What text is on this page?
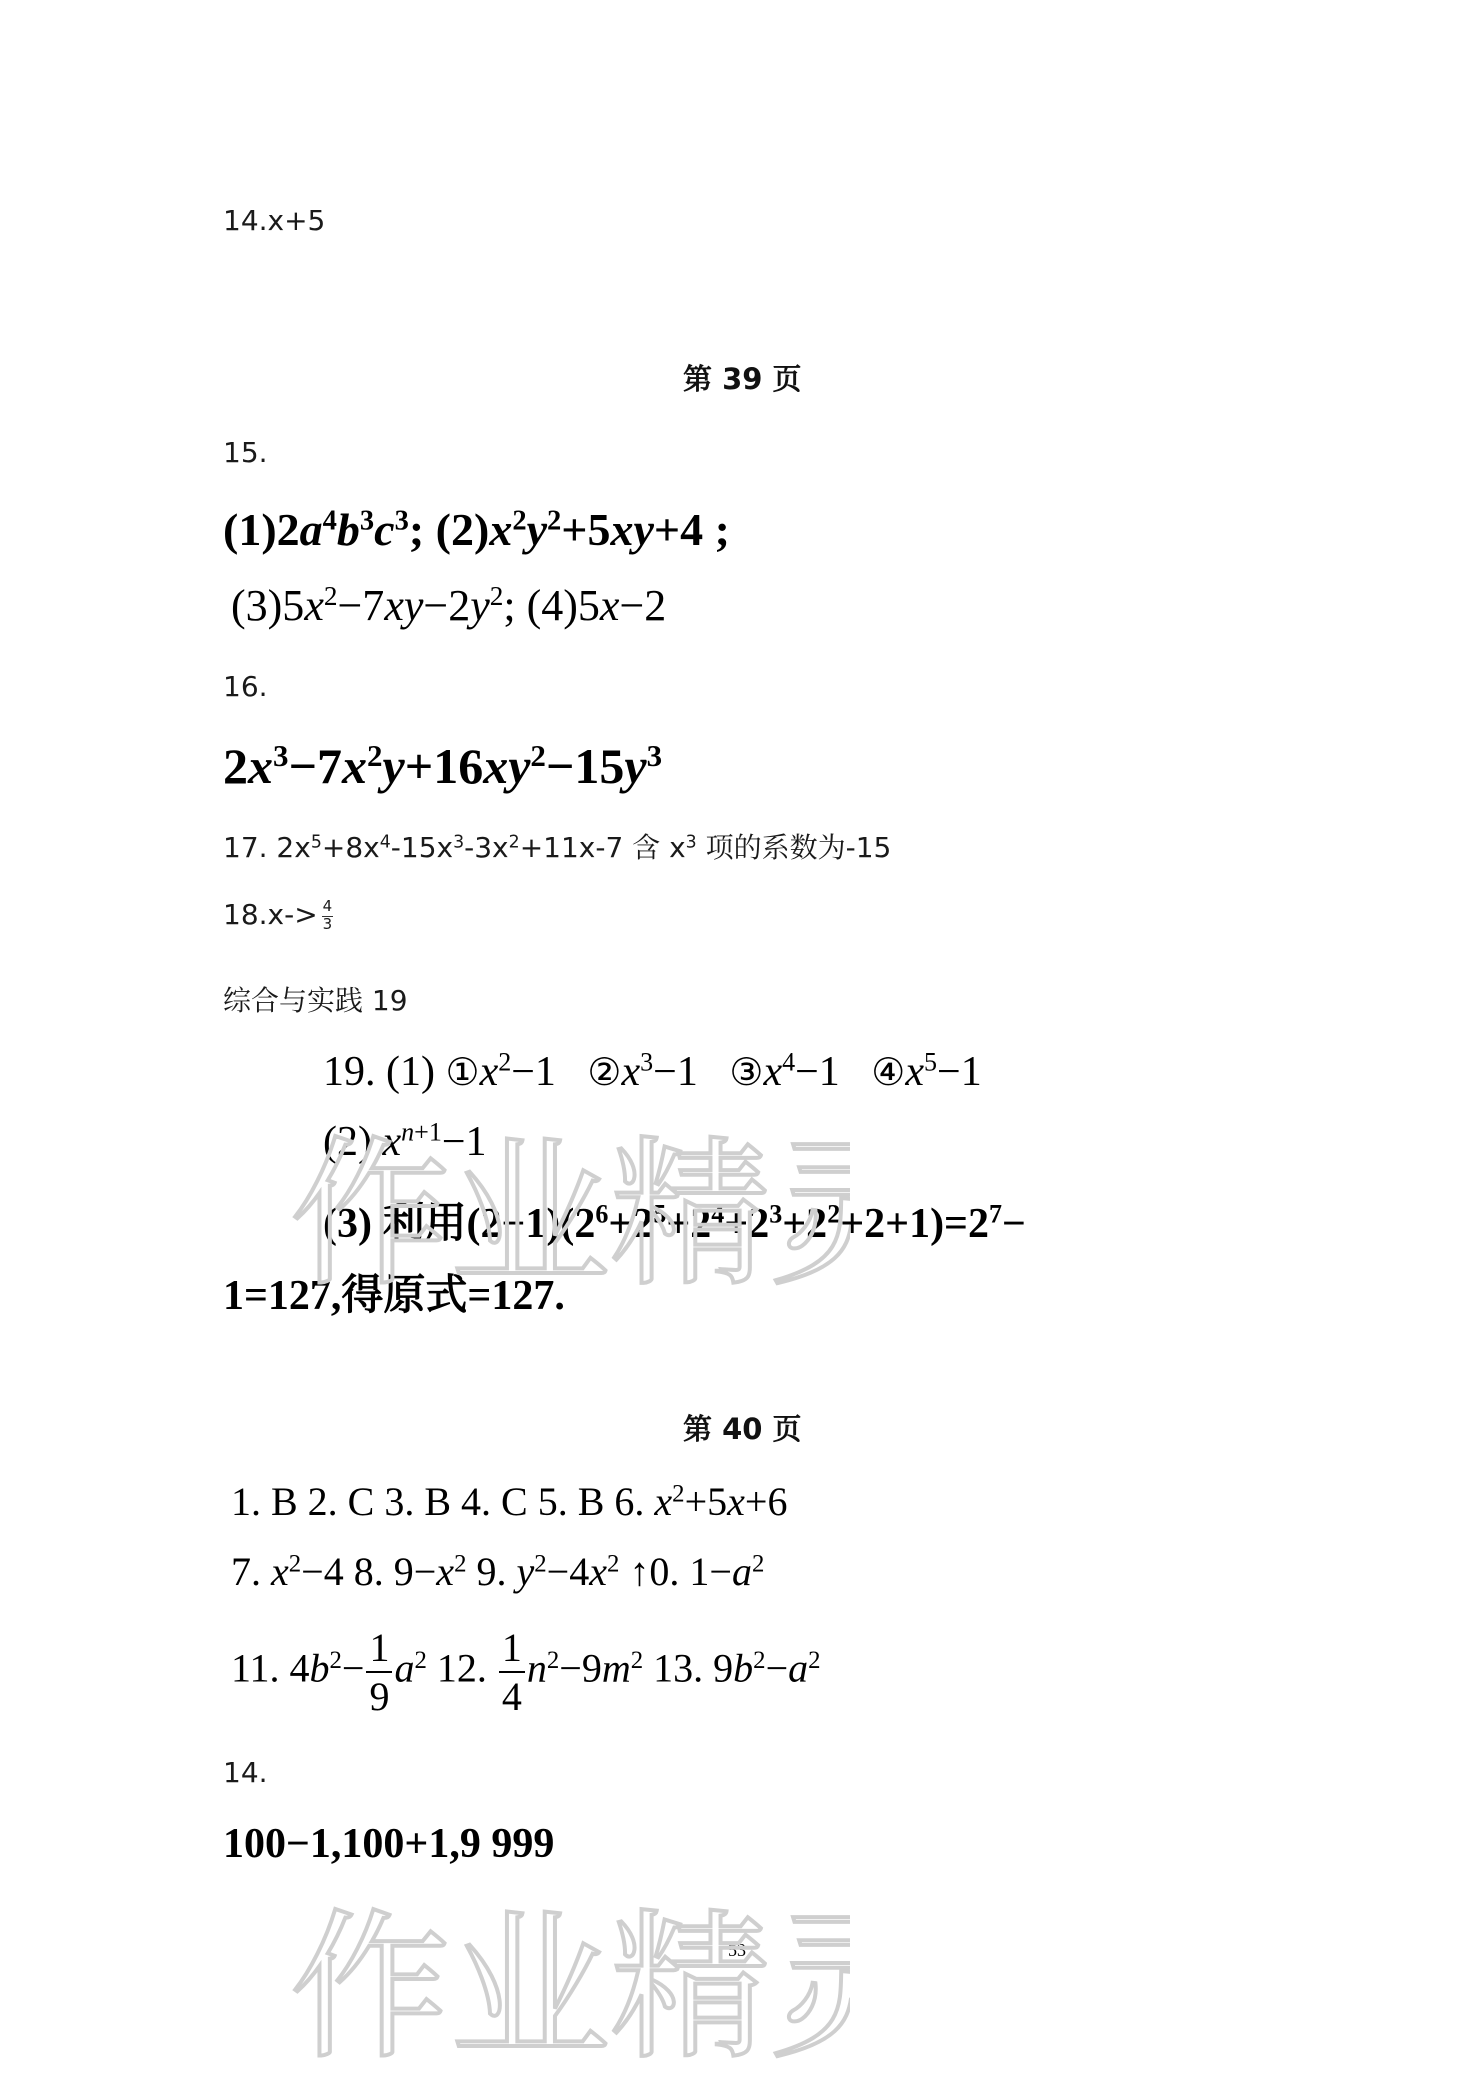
14.x+5
第 39 页
15.
$(1)2a^4b^3c^3$; $(2)x^2y^2+5xy+4$ ;
$(3)5x^2-7xy-2y^2$; (4)5x−2
16.
$2x^3-7x^2y+16xy^2-15y^3$
17. $2x^5+8x^4-15x^3-3x^2+11x-7$ 含 $x^3$ 项的系数为-15
$18.x-> \frac{4}{3}$
综合与实践 19
19. (1) $①x^2-1$   $②x^3-1$   $③x^4-1$   $④x^5-1$
(2) $x^{n+1}-1$
(3) 利用$(2-1)(2^6+2^5+2^4+2^3+2^2+2+1)=2^7-$
1=127,得原式=127.
第 40 页
1. B 2. C 3. B 4. C 5. B 6. $x^2+5x+6$
7. $x^2-4$ 8. $9-x^2$ 9. $y^2-4x^2$ ↑0. $1-a^2$
11. $4b^2- \frac{1}{9} a^2$ 12. $\frac{1}{4} n^2-9m^2$ 13. $9b^2-a^2$
14.
100−1,100+1,9 999
53
作业精
作业精
